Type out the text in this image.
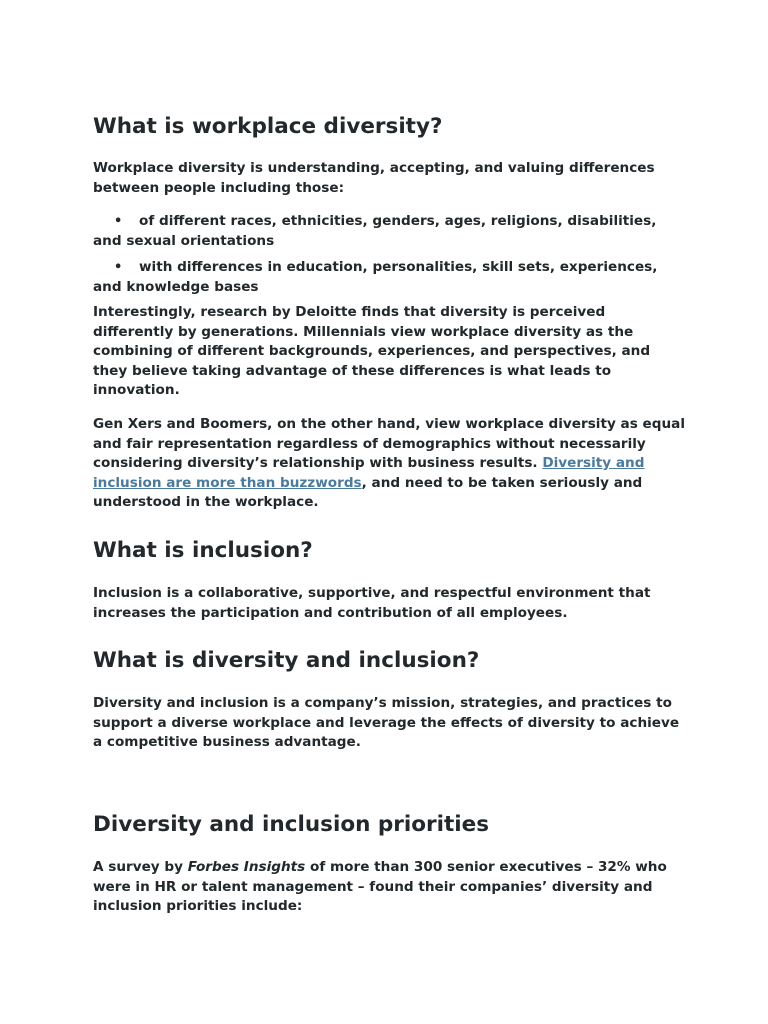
What is workplace diversity?

Workplace diversity is understanding, accepting, and valuing differences between people including those:

• of different races, ethnicities, genders, ages, religions, disabilities, and sexual orientations

• with differences in education, personalities, skill sets, experiences, and knowledge bases

Interestingly, research by Deloitte finds that diversity is perceived differently by generations. Millennials view workplace diversity as the combining of different backgrounds, experiences, and perspectives, and they believe taking advantage of these differences is what leads to innovation.

Gen Xers and Boomers, on the other hand, view workplace diversity as equal and fair representation regardless of demographics without necessarily considering diversity’s relationship with business results. Diversity and inclusion are more than buzzwords, and need to be taken seriously and understood in the workplace.

What is inclusion?

Inclusion is a collaborative, supportive, and respectful environment that increases the participation and contribution of all employees.

What is diversity and inclusion?

Diversity and inclusion is a company’s mission, strategies, and practices to support a diverse workplace and leverage the effects of diversity to achieve a competitive business advantage.

Diversity and inclusion priorities

A survey by Forbes Insights of more than 300 senior executives – 32% who were in HR or talent management – found their companies’ diversity and inclusion priorities include:
